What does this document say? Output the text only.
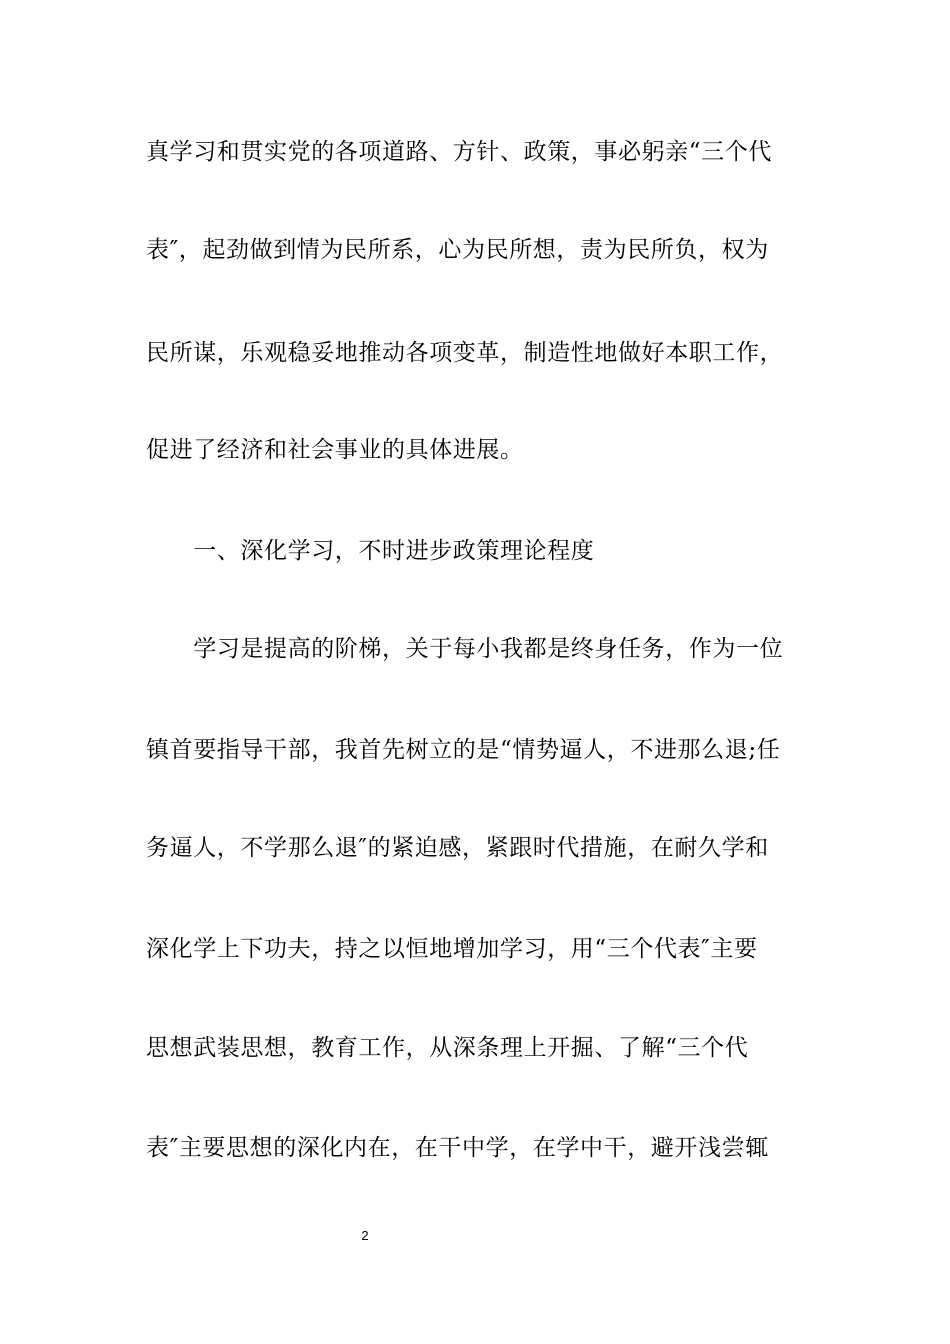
真学习和贯实党的各项道路、方针、政策，事必躬亲“三个代
表″，起劲做到情为民所系，心为民所想，责为民所负，权为
民所谋，乐观稳妥地推动各项变革，制造性地做好本职工作，
促进了经济和社会事业的具体进展。
　　一、深化学习，不时进步政策理论程度
　　学习是提高的阶梯，关于每小我都是终身任务，作为一位
镇首要指导干部，我首先树立的是“情势逼人，不进那么退;任
务逼人，不学那么退″的紧迫感，紧跟时代措施，在耐久学和
深化学上下功夫，持之以恒地增加学习，用“三个代表″主要
思想武装思想，教育工作，从深条理上开掘、了解“三个代
表″主要思想的深化内在，在干中学，在学中干，避开浅尝辄
2
